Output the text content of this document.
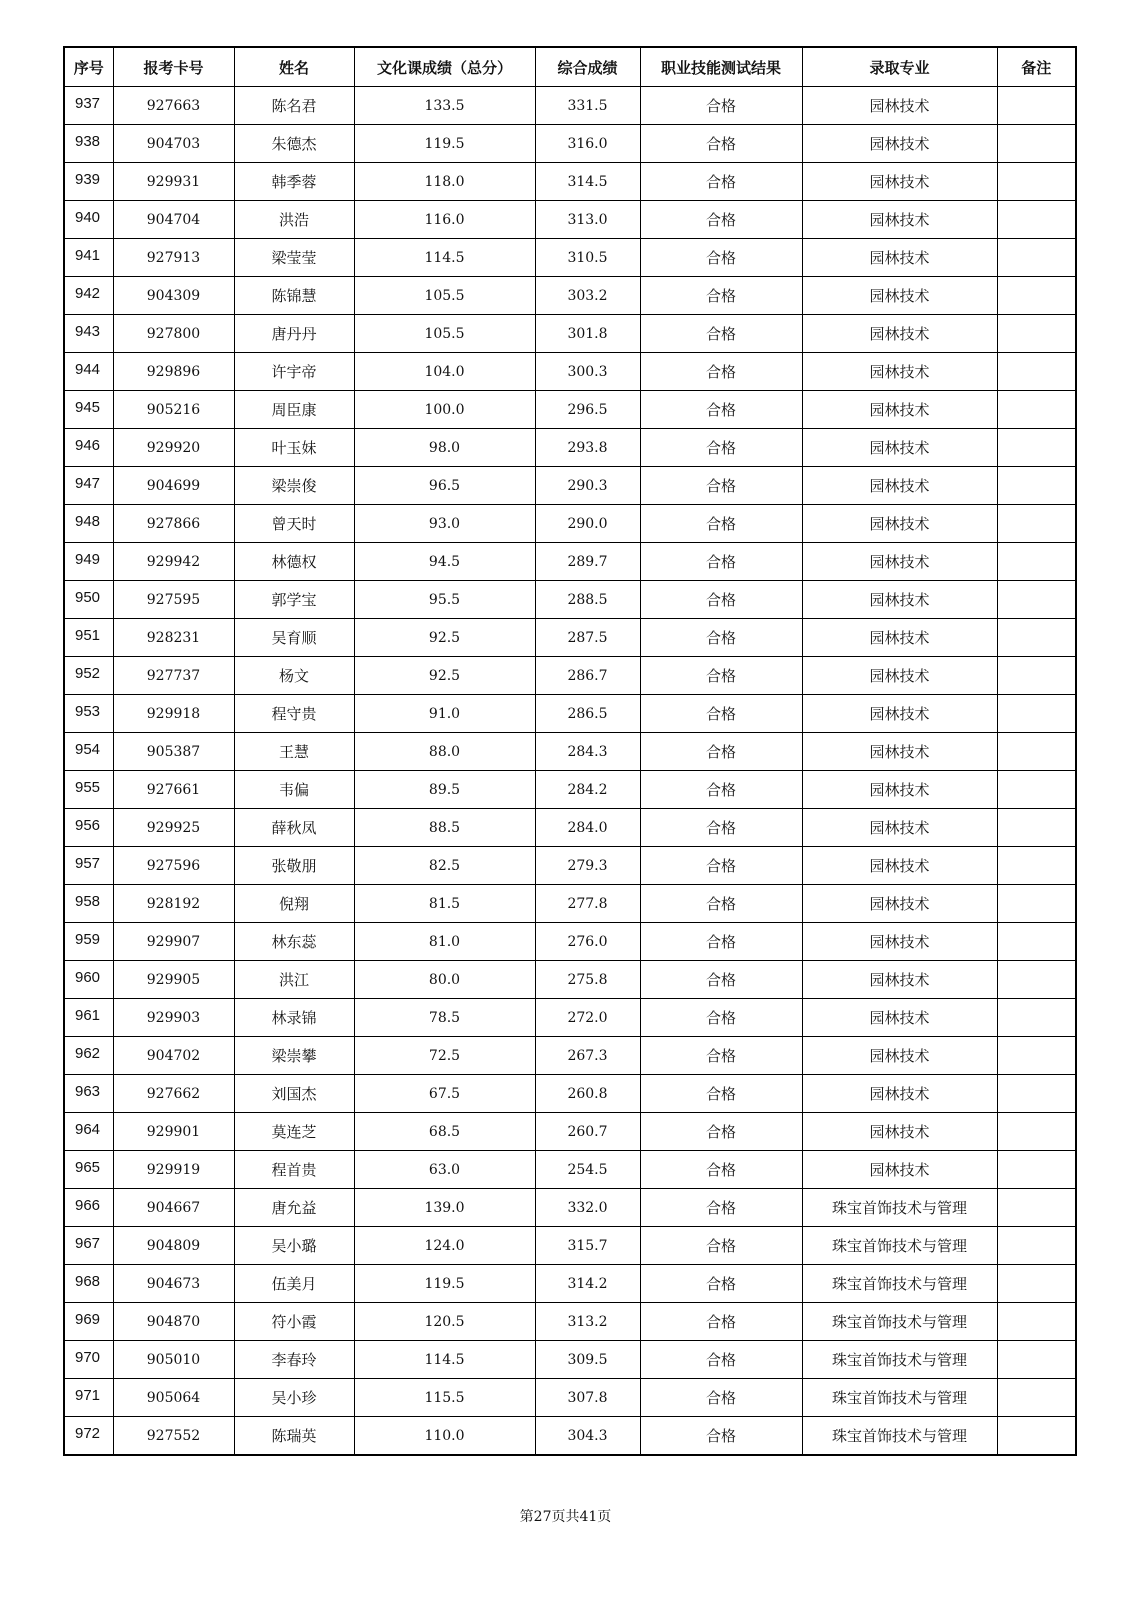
序号	报考卡号	姓名	文化课成绩（总分）	综合成绩	职业技能测试结果	录取专业	备注
937	927663	陈名君	133.5	331.5	合格	园林技术	
938	904703	朱德杰	119.5	316.0	合格	园林技术	
939	929931	韩季蓉	118.0	314.5	合格	园林技术	
940	904704	洪浩	116.0	313.0	合格	园林技术	
941	927913	梁莹莹	114.5	310.5	合格	园林技术	
942	904309	陈锦慧	105.5	303.2	合格	园林技术	
943	927800	唐丹丹	105.5	301.8	合格	园林技术	
944	929896	许宇帝	104.0	300.3	合格	园林技术	
945	905216	周臣康	100.0	296.5	合格	园林技术	
946	929920	叶玉妹	98.0	293.8	合格	园林技术	
947	904699	梁崇俊	96.5	290.3	合格	园林技术	
948	927866	曾天时	93.0	290.0	合格	园林技术	
949	929942	林德权	94.5	289.7	合格	园林技术	
950	927595	郭学宝	95.5	288.5	合格	园林技术	
951	928231	吴育顺	92.5	287.5	合格	园林技术	
952	927737	杨文	92.5	286.7	合格	园林技术	
953	929918	程守贵	91.0	286.5	合格	园林技术	
954	905387	王慧	88.0	284.3	合格	园林技术	
955	927661	韦偏	89.5	284.2	合格	园林技术	
956	929925	薛秋凤	88.5	284.0	合格	园林技术	
957	927596	张敬朋	82.5	279.3	合格	园林技术	
958	928192	倪翔	81.5	277.8	合格	园林技术	
959	929907	林东蕊	81.0	276.0	合格	园林技术	
960	929905	洪江	80.0	275.8	合格	园林技术	
961	929903	林录锦	78.5	272.0	合格	园林技术	
962	904702	梁崇攀	72.5	267.3	合格	园林技术	
963	927662	刘国杰	67.5	260.8	合格	园林技术	
964	929901	莫连芝	68.5	260.7	合格	园林技术	
965	929919	程首贵	63.0	254.5	合格	园林技术	
966	904667	唐允益	139.0	332.0	合格	珠宝首饰技术与管理	
967	904809	吴小璐	124.0	315.7	合格	珠宝首饰技术与管理	
968	904673	伍美月	119.5	314.2	合格	珠宝首饰技术与管理	
969	904870	符小霞	120.5	313.2	合格	珠宝首饰技术与管理	
970	905010	李春玲	114.5	309.5	合格	珠宝首饰技术与管理	
971	905064	吴小珍	115.5	307.8	合格	珠宝首饰技术与管理	
972	927552	陈瑞英	110.0	304.3	合格	珠宝首饰技术与管理	
第27页共41页
